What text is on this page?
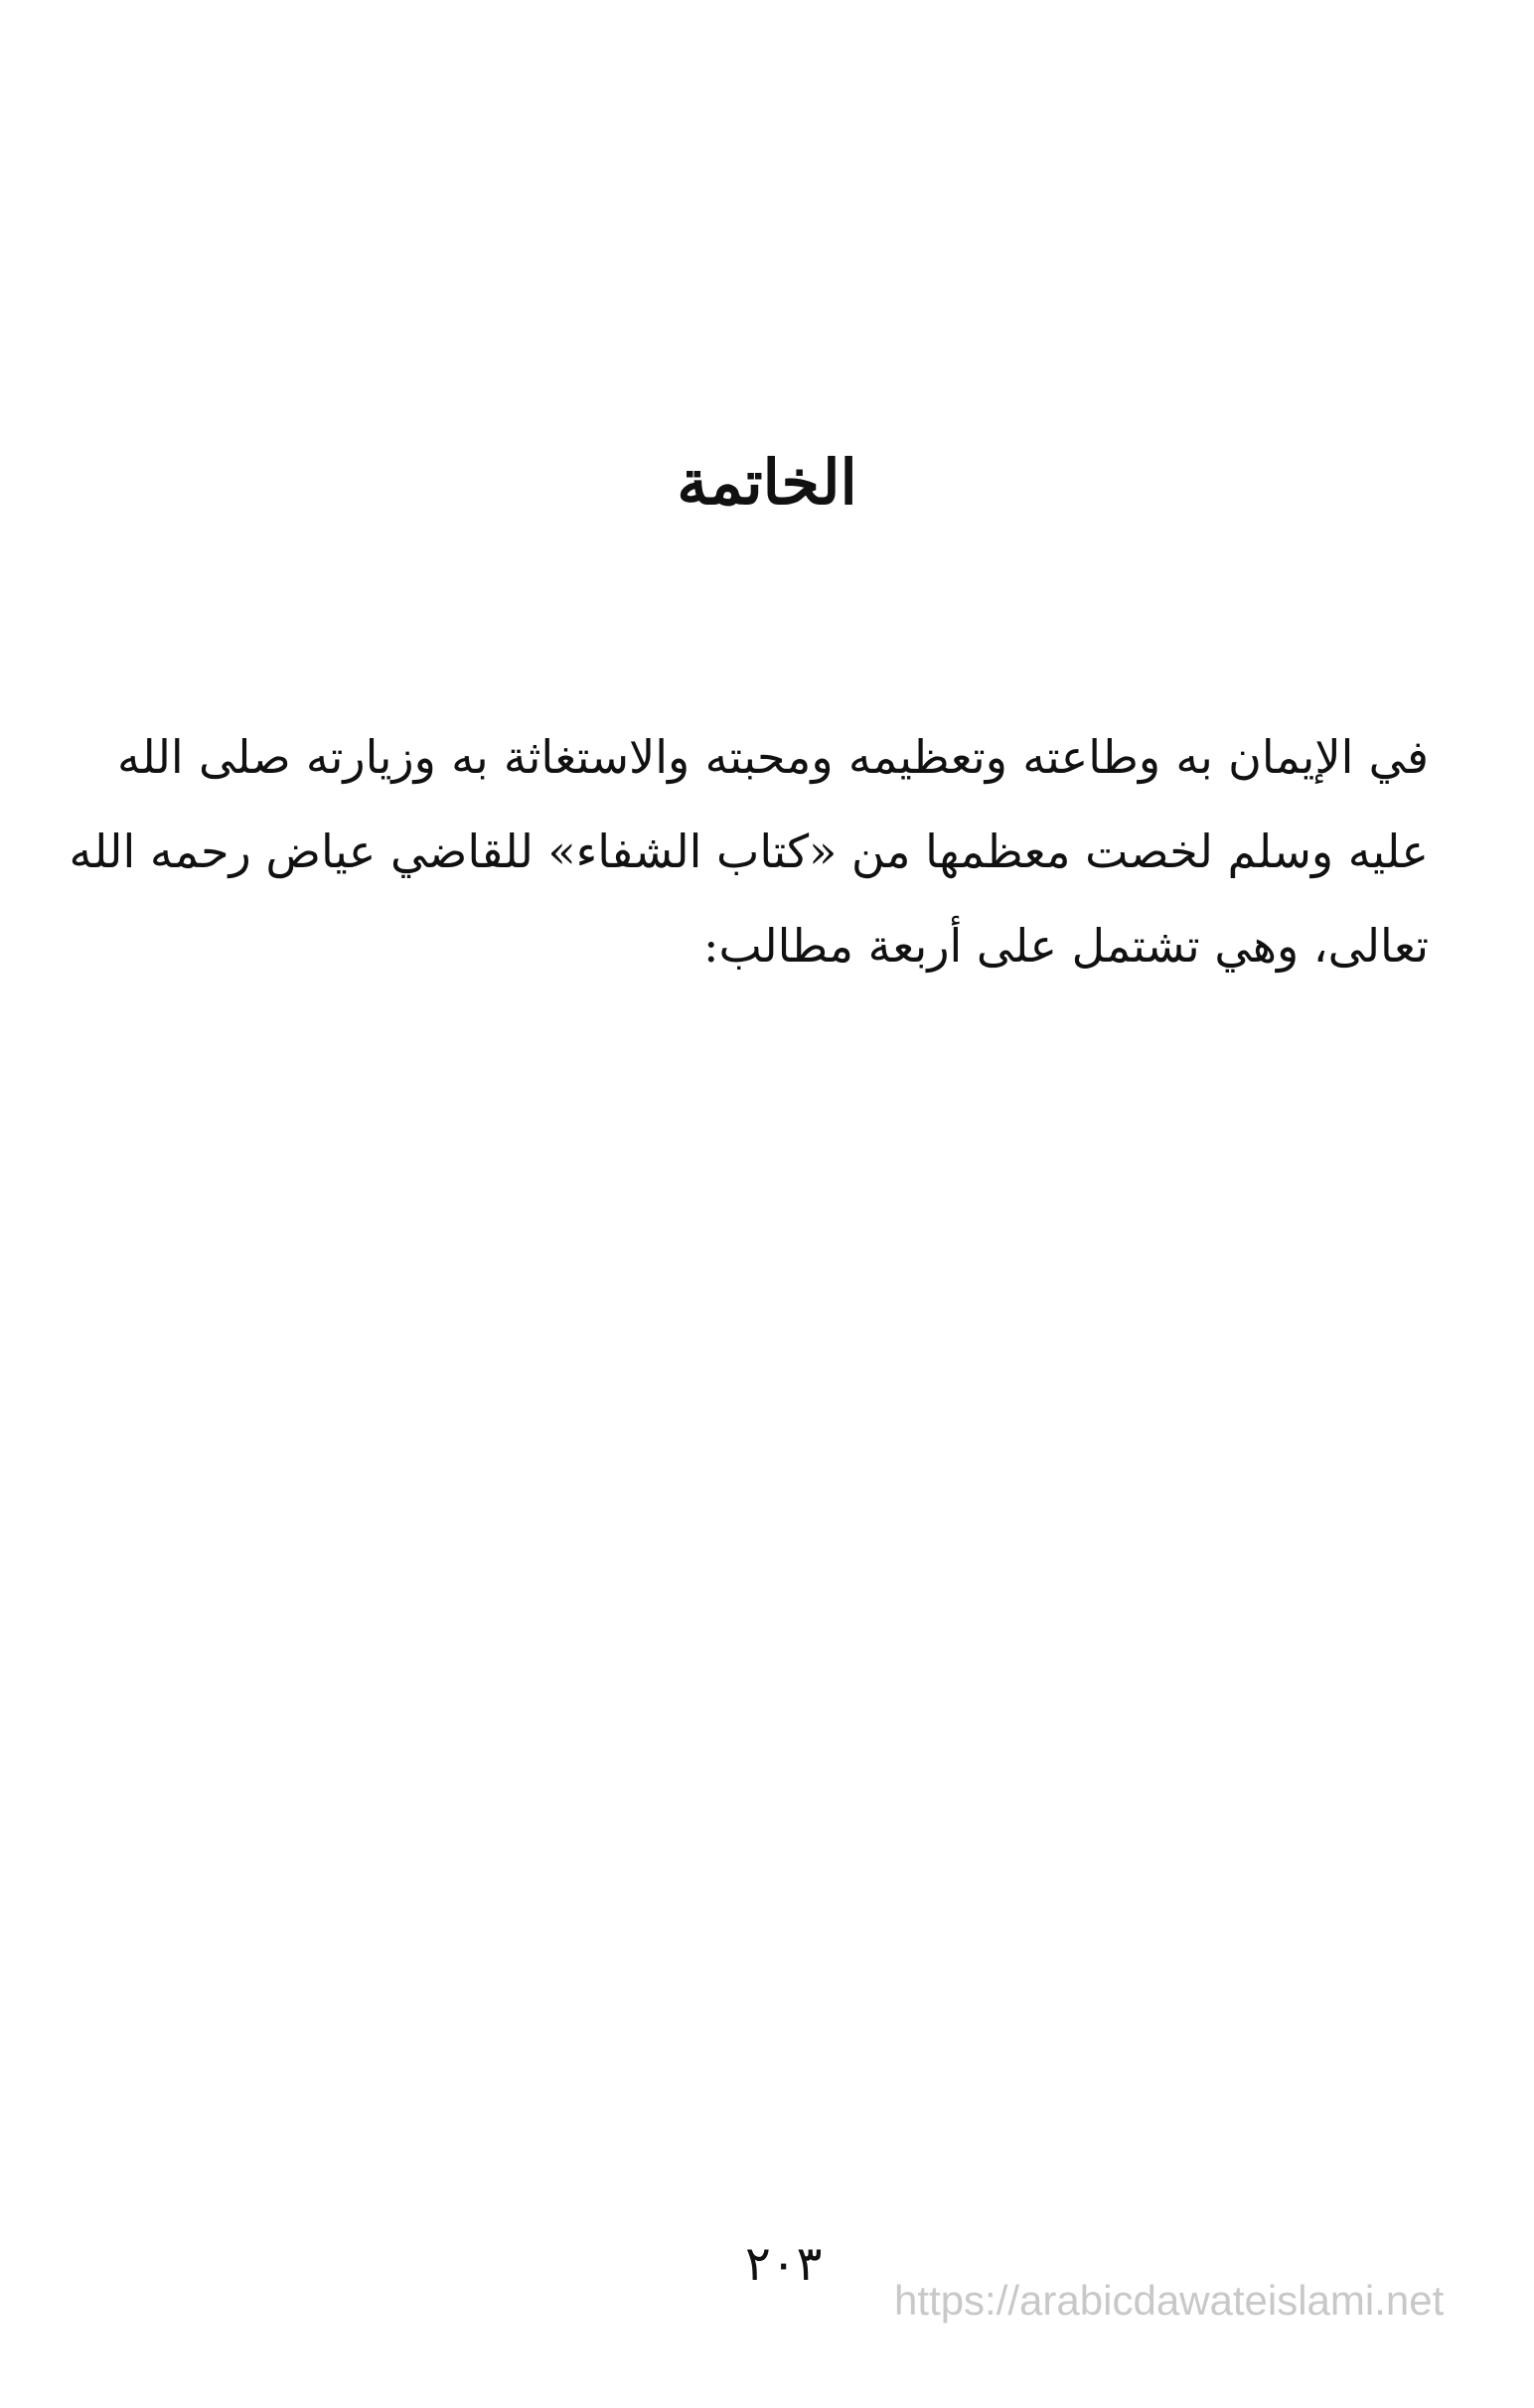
الخاتمة
في الإيمان به وطاعته وتعظيمه ومحبته والاستغاثة به وزيارته صلى الله
عليه وسلم لخصت معظمها من «كتاب الشفاء» للقاضي عياض رحمه الله
تعالى، وهي تشتمل على أربعة مطالب:
٢٠٣
https://arabicdawateislami.net
